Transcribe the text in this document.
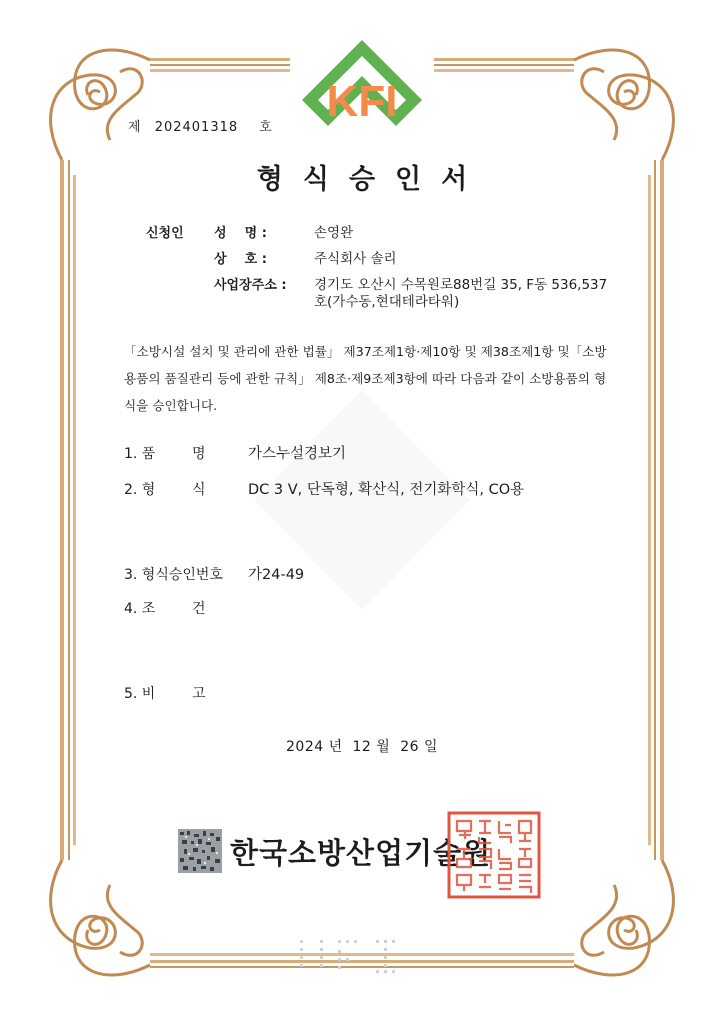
KFI
제 202401318 호
형식승인서
신청인 성    명 :	손영완
상    호 :	주식회사 솔리
사업장주소 : 경기도 오산시 수목원로88번길 35, F동 536,537
호(가수동,현대테라타워)
「소방시설 설치 및 관리에 관한 법률」 제37조제1항·제10항 및 제38조제1항 및「소방
용품의 품질관리 등에 관한 규칙」 제8조·제9조제3항에 따라 다음과 같이 소방용품의 형
식을 승인합니다.
1. 품	명	가스누설경보기
2. 형	식	DC 3 V, 단독형, 확산식, 전기화학식, CO용
3. 형식승인번호 가24-49
4. 조	건
5. 비	고
2024 년  12 월  26 일
한국소방산업기술원
